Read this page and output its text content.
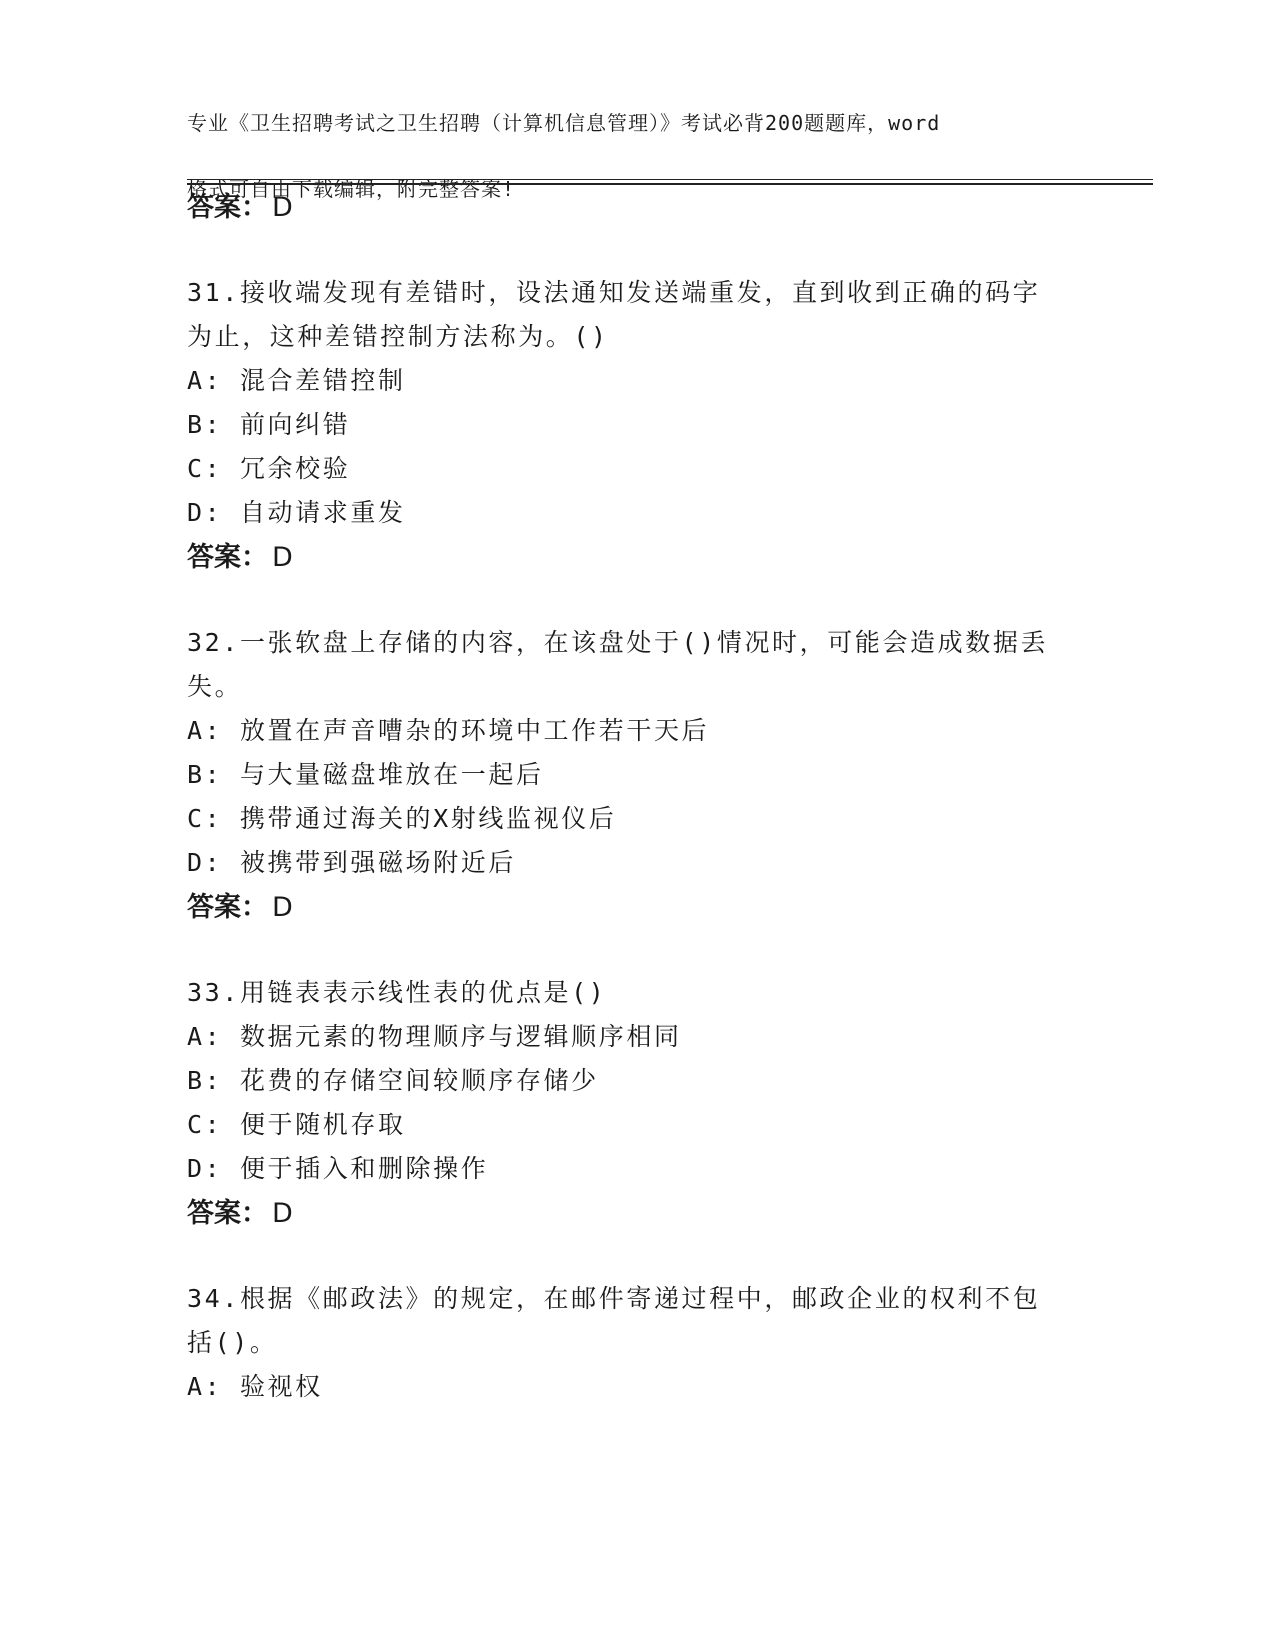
专业《卫生招聘考试之卫生招聘（计算机信息管理）》考试必背200题题库，word

格式可自由下载编辑，附完整答案!

答案： D
31.接收端发现有差错时，设法通知发送端重发，直到收到正确的码字
为止，这种差错控制方法称为。()
A: 混合差错控制
B: 前向纠错
C: 冗余校验
D: 自动请求重发
答案： D
32.一张软盘上存储的内容，在该盘处于()情况时，可能会造成数据丢
失。
A: 放置在声音嘈杂的环境中工作若干天后
B: 与大量磁盘堆放在一起后
C: 携带通过海关的X射线监视仪后
D: 被携带到强磁场附近后
答案： D
33.用链表表示线性表的优点是()
A: 数据元素的物理顺序与逻辑顺序相同
B: 花费的存储空间较顺序存储少
C: 便于随机存取
D: 便于插入和删除操作
答案： D
34.根据《邮政法》的规定，在邮件寄递过程中，邮政企业的权利不包
括()。
A: 验视权
